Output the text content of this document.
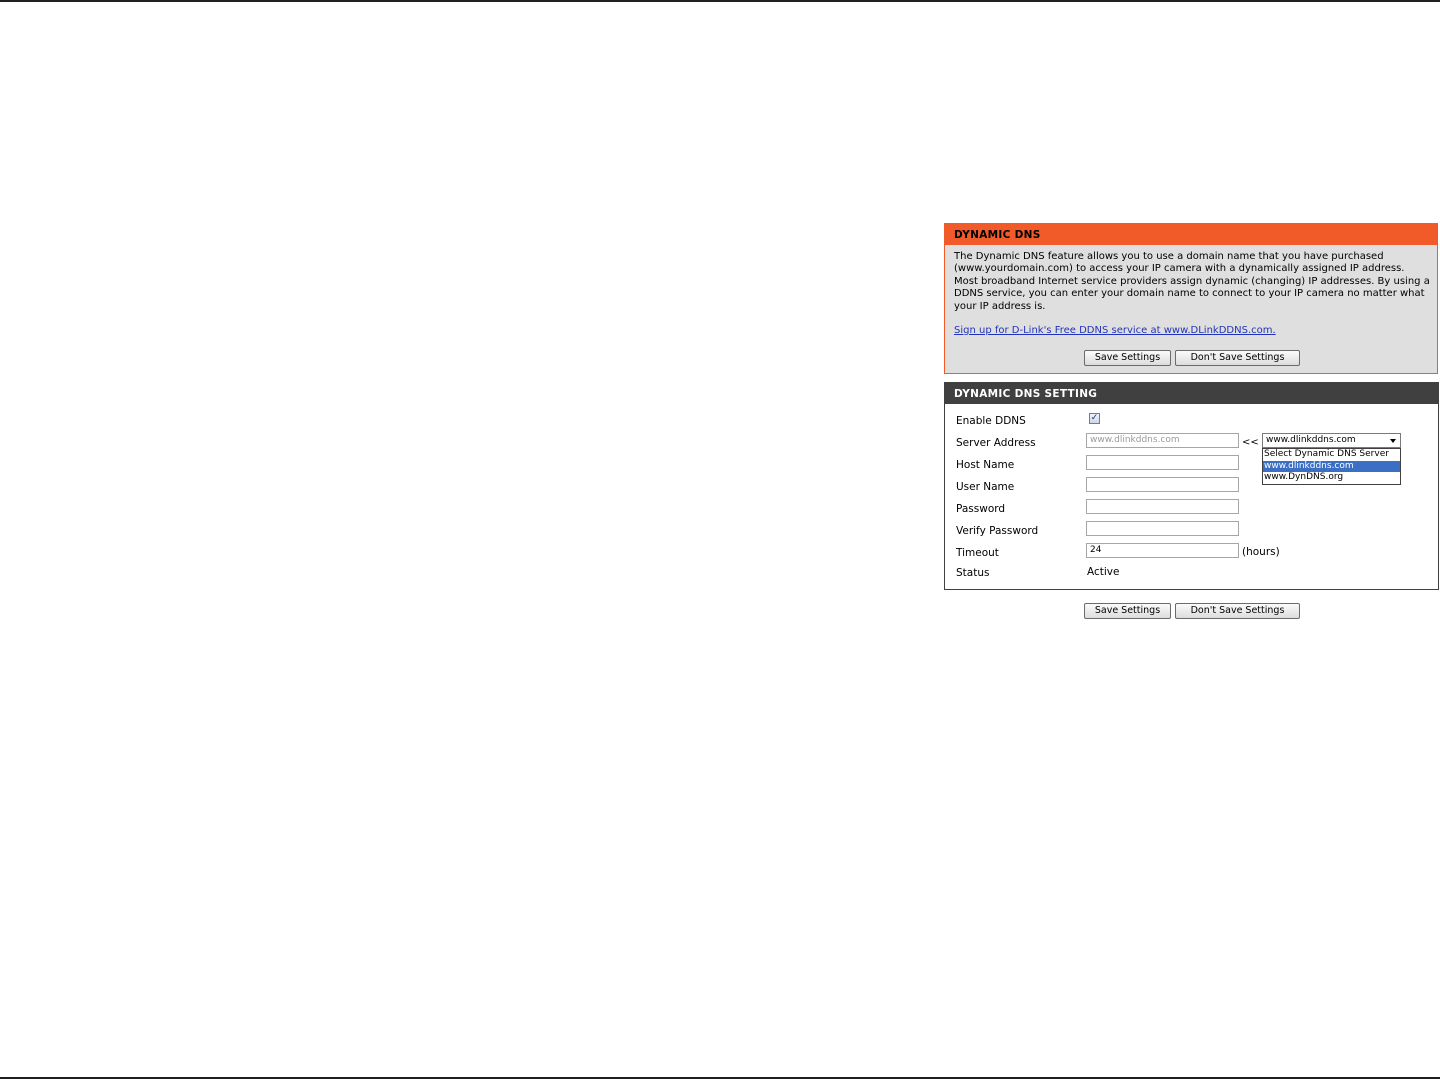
DYNAMIC DNS

The Dynamic DNS feature allows you to use a domain name that you have purchased (www.yourdomain.com) to access your IP camera with a dynamically assigned IP address. Most broadband Internet service providers assign dynamic (changing) IP addresses. By using a DDNS service, you can enter your domain name to connect to your IP camera no matter what your IP address is.

Sign up for D-Link's Free DDNS service at www.DLinkDDNS.com.
Save Settings	Don't Save Settings
DYNAMIC DNS SETTING
Enable DDNS	✓
Server Address	www.dlinkddns.com	<< www.dlinkddns.com
Select Dynamic DNS Server
www.dlinkddns.com
www.DynDNS.org
Host Name
User Name
Password
Verify Password
Timeout	24	(hours)
Status	Active
Save Settings	Don't Save Settings
